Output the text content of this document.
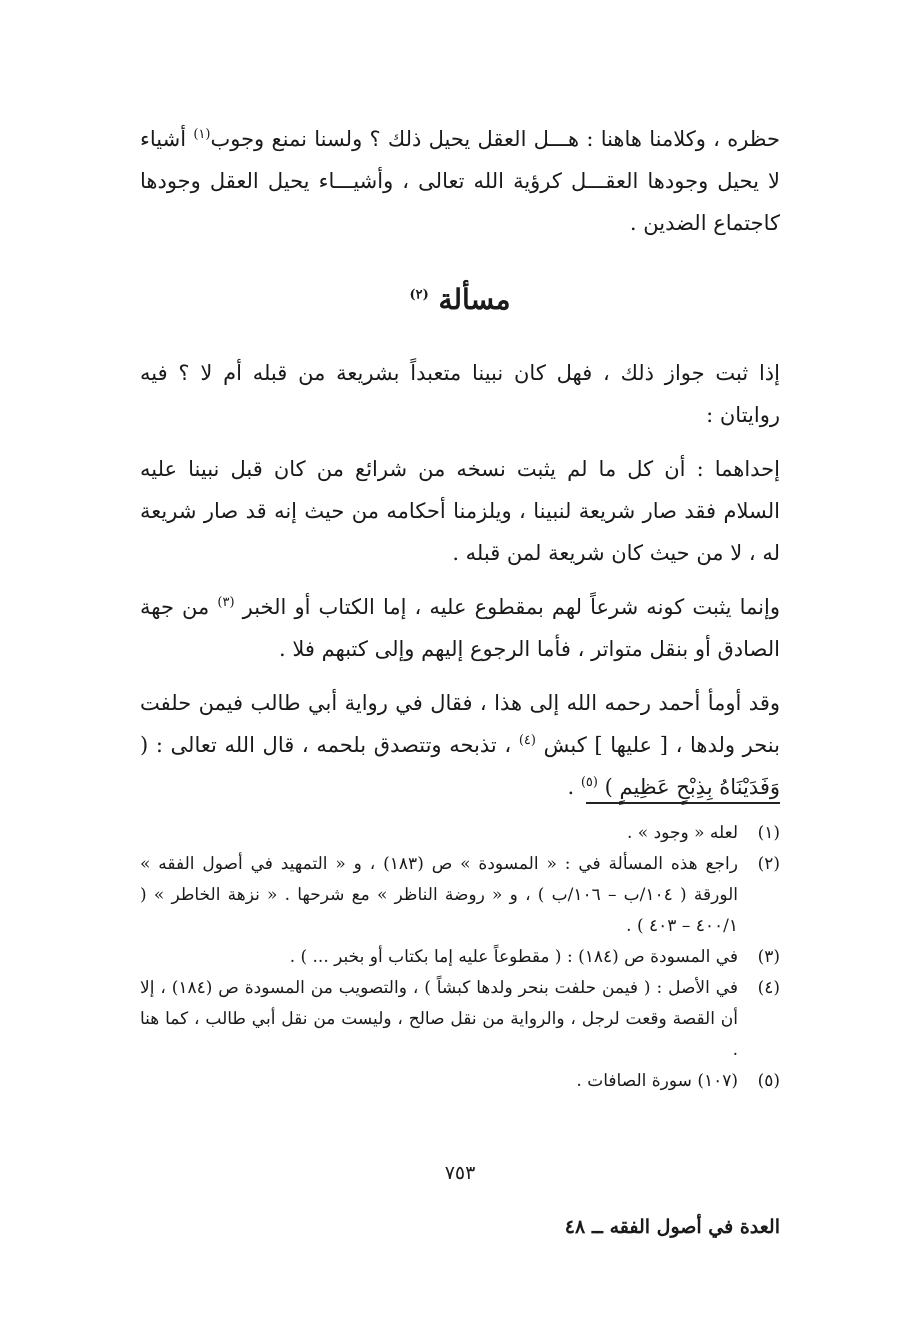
حظره ، وكلامنا هاهنا : هـــل العقل يحيل ذلك ؟ ولسنا نمنع وجوب$^{(١)}$ أشياء لا يحيل وجودها العقـــل كرؤية الله تعالى ، وأشيـــاء يحيل العقل وجودها كاجتماع الضدين .

مسألة $^{(٢)}$

إذا ثبت جواز ذلك ، فهل كان نبينا متعبداً بشريعة من قبله أم لا ؟ فيه روايتان :

إحداهما : أن كل ما لم يثبت نسخه من شرائع من كان قبل نبينا عليه السلام فقد صار شريعة لنبينا ، ويلزمنا أحكامه من حيث إنه قد صار شريعة له ، لا من حيث كان شريعة لمن قبله .

وإنما يثبت كونه شرعاً لهم بمقطوع عليه ، إما الكتاب أو الخبر $^{(٣)}$ من جهة الصادق أو بنقل متواتر ، فأما الرجوع إليهم وإلى كتبهم فلا .

وقد أومأ أحمد رحمه الله إلى هذا ، فقال في رواية أبي طالب فيمن حلفت بنحر ولدها ، [ عليها ] كبش $^{(٤)}$ ، تذبحه وتتصدق بلحمه ، قال الله تعالى : ( وَفَدَيْنَاهُ بِذِبْحٍ عَظِيمٍ ) $^{(٥)}$ .

(١)
لعله « وجود » .
(٢)
راجع هذه المسألة في : « المسودة » ص (١٨٣) ، و « التمهيد في أصول الفقه » الورقة ( ١٠٤/ب – ١٠٦/ب ) ، و « روضة الناظر » مع شرحها . « نزهة الخاطر » ( ٤٠٠/١ – ٤٠٣ ) .
(٣)
في المسودة ص (١٨٤) : ( مقطوعاً عليه إما بكتاب أو بخبر ... ) .
(٤)
في الأصل : ( فيمن حلفت بنحر ولدها كبشاً ) ، والتصويب من المسودة ص (١٨٤) ، إلا أن القصة وقعت لرجل ، والرواية من نقل صالح ، وليست من نقل أبي طالب ، كما هنا .
(٥)
(١٠٧) سورة الصافات .
٧٥٣
العدة في أصول الفقه ــ ٤٨
